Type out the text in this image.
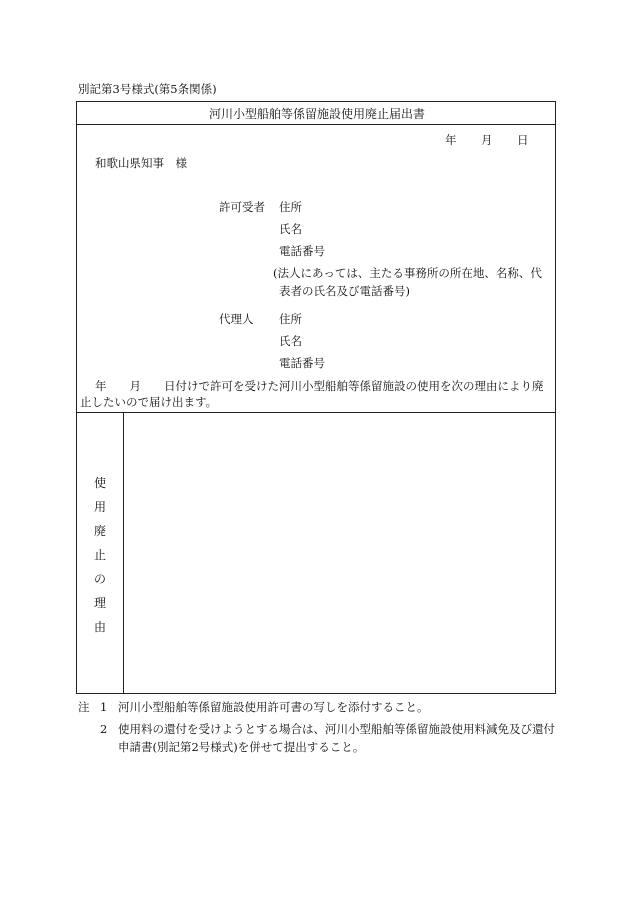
別記第3号様式(第5条関係)
河川小型船舶等係留施設使用廃止届出書
年 月 日
和歌山県知事　様
許可受者 住所
氏名
電話番号
(法人にあっては、主たる事務所の所在地、名称、代
表者の氏名及び電話番号)
代理人 住所
氏名
電話番号
年　　月　　日付けで許可を受けた河川小型船舶等係留施設の使用を次の理由により廃止したいので届け出ます。
使
用
廃
止
の
理
由
注 1 河川小型船舶等係留施設使用許可書の写しを添付すること。
2 使用料の還付を受けようとする場合は、河川小型船舶等係留施設使用料減免及び還付申請書(別記第2号様式)を併せて提出すること。
